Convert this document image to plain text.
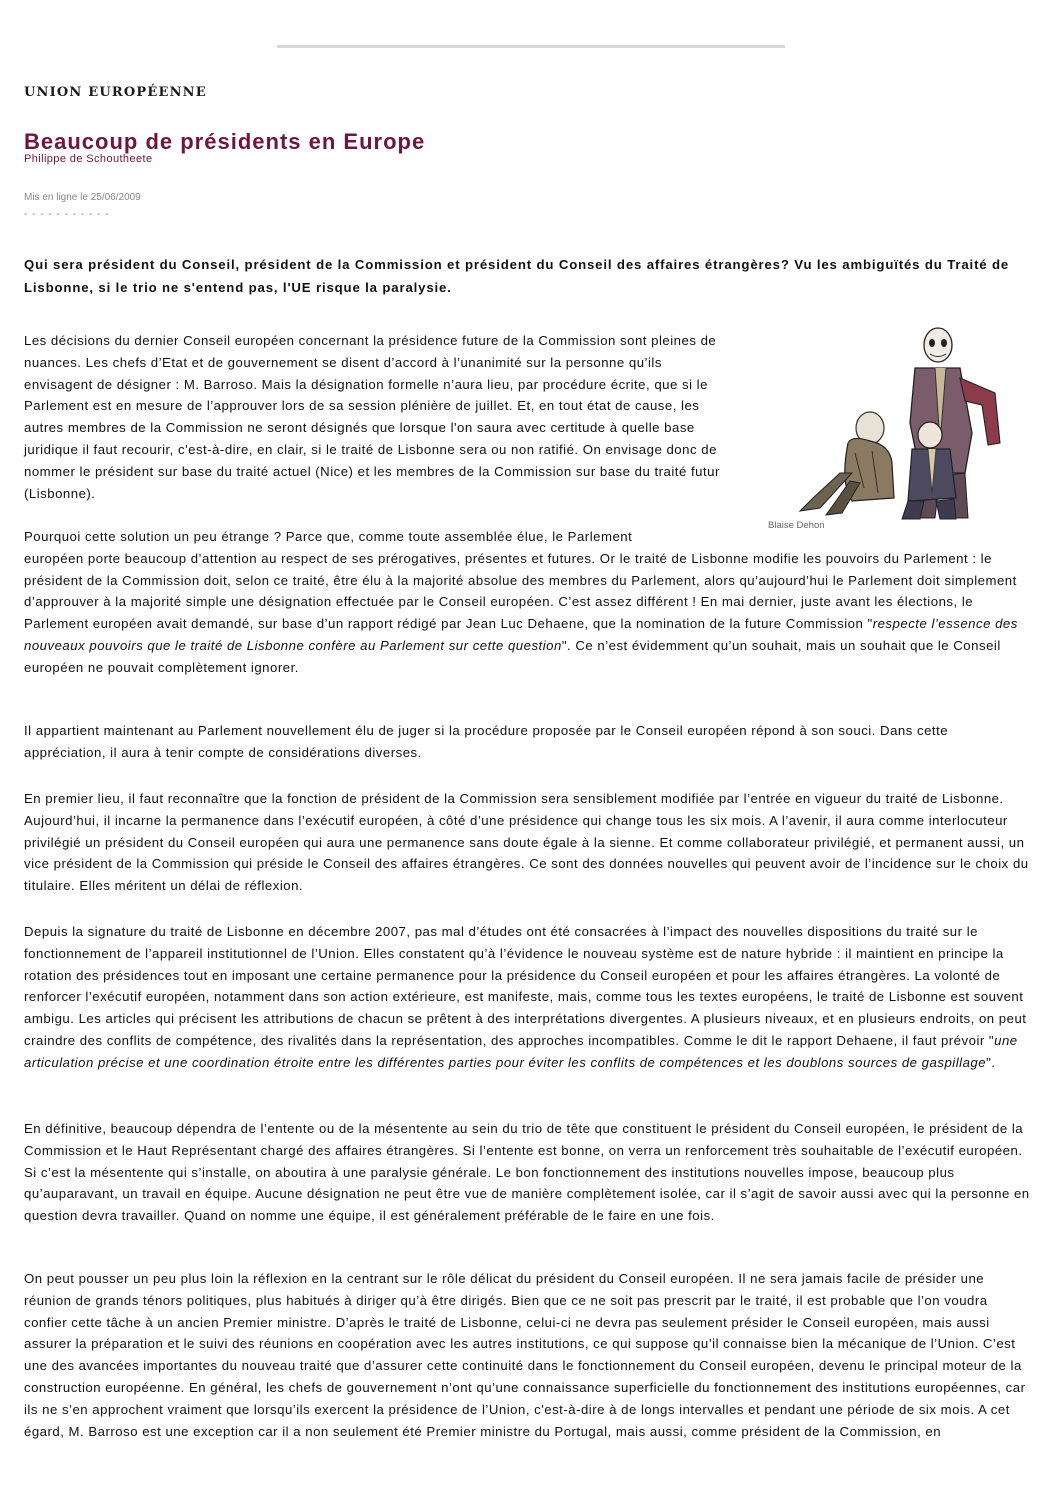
UNION EUROPÉENNE
Beaucoup de présidents en Europe
Philippe de Schoutheete
Mis en ligne le 25/06/2009
- - - - - - - - - - -

Qui sera président du Conseil, président de la Commission et président du Conseil des affaires étrangères? Vu les ambiguïtés du Traité de Lisbonne, si le trio ne s'entend pas, l'UE risque la paralysie.

Les décisions du dernier Conseil européen concernant la présidence future de la Commission sont pleines de nuances. Les chefs d’Etat et de gouvernement se disent d’accord à l’unanimité sur la personne qu’ils envisagent de désigner : M. Barroso. Mais la désignation formelle n’aura lieu, par procédure écrite, que si le Parlement est en mesure de l’approuver lors de sa session plénière de juillet. Et, en tout état de cause, les autres membres de la Commission ne seront désignés que lorsque l'on saura avec certitude à quelle base juridique il faut recourir, c'est-à-dire, en clair, si le traité de Lisbonne sera ou non ratifié. On envisage donc de nommer le président sur base du traité actuel (Nice) et les membres de la Commission sur base du traité futur (Lisbonne).

Blaise Dehon

Pourquoi cette solution un peu étrange ? Parce que, comme toute assemblée élue, le Parlement
européen porte beaucoup d’attention au respect de ses prérogatives, présentes et futures. Or le traité de Lisbonne modifie les pouvoirs du Parlement : le président de la Commission doit, selon ce traité, être élu à la majorité absolue des membres du Parlement, alors qu’aujourd’hui le Parlement doit simplement d’approuver à la majorité simple une désignation effectuée par le Conseil européen. C’est assez différent ! En mai dernier, juste avant les élections, le Parlement européen avait demandé, sur base d’un rapport rédigé par Jean Luc Dehaene, que la nomination de la future Commission "respecte l’essence des nouveaux pouvoirs que le traité de Lisbonne confère au Parlement sur cette question". Ce n’est évidemment qu’un souhait, mais un souhait que le Conseil européen ne pouvait complètement ignorer.

Il appartient maintenant au Parlement nouvellement élu de juger si la procédure proposée par le Conseil européen répond à son souci. Dans cette appréciation, il aura à tenir compte de considérations diverses.

En premier lieu, il faut reconnaître que la fonction de président de la Commission sera sensiblement modifiée par l’entrée en vigueur du traité de Lisbonne. Aujourd’hui, il incarne la permanence dans l’exécutif européen, à côté d’une présidence qui change tous les six mois. A l’avenir, il aura comme interlocuteur privilégié un président du Conseil européen qui aura une permanence sans doute égale à la sienne. Et comme collaborateur privilégié, et permanent aussi, un vice président de la Commission qui préside le Conseil des affaires étrangères. Ce sont des données nouvelles qui peuvent avoir de l’incidence sur le choix du titulaire. Elles méritent un délai de réflexion.

Depuis la signature du traité de Lisbonne en décembre 2007, pas mal d’études ont été consacrées à l’impact des nouvelles dispositions du traité sur le fonctionnement de l’appareil institutionnel de l’Union. Elles constatent qu’à l’évidence le nouveau système est de nature hybride : il maintient en principe la rotation des présidences tout en imposant une certaine permanence pour la présidence du Conseil européen et pour les affaires étrangères. La volonté de renforcer l’exécutif européen, notamment dans son action extérieure, est manifeste, mais, comme tous les textes européens, le traité de Lisbonne est souvent ambigu. Les articles qui précisent les attributions de chacun se prêtent à des interprétations divergentes. A plusieurs niveaux, et en plusieurs endroits, on peut craindre des conflits de compétence, des rivalités dans la représentation, des approches incompatibles. Comme le dit le rapport Dehaene, il faut prévoir "une articulation précise et une coordination étroite entre les différentes parties pour éviter les conflits de compétences et les doublons sources de gaspillage".

En définitive, beaucoup dépendra de l’entente ou de la mésentente au sein du trio de tête que constituent le président du Conseil européen, le président de la Commission et le Haut Représentant chargé des affaires étrangères. Si l’entente est bonne, on verra un renforcement très souhaitable de l’exécutif européen. Si c’est la mésentente qui s’installe, on aboutira à une paralysie générale. Le bon fonctionnement des institutions nouvelles impose, beaucoup plus qu’auparavant, un travail en équipe. Aucune désignation ne peut être vue de manière complètement isolée, car il s’agit de savoir aussi avec qui la personne en question devra travailler. Quand on nomme une équipe, il est généralement préférable de le faire en une fois.

On peut pousser un peu plus loin la réflexion en la centrant sur le rôle délicat du président du Conseil européen. Il ne sera jamais facile de présider une réunion de grands ténors politiques, plus habitués à diriger qu’à être dirigés. Bien que ce ne soit pas prescrit par le traité, il est probable que l’on voudra confier cette tâche à un ancien Premier ministre. D’après le traité de Lisbonne, celui-ci ne devra pas seulement présider le Conseil européen, mais aussi assurer la préparation et le suivi des réunions en coopération avec les autres institutions, ce qui suppose qu’il connaisse bien la mécanique de l’Union. C’est une des avancées importantes du nouveau traité que d’assurer cette continuité dans le fonctionnement du Conseil européen, devenu le principal moteur de la construction européenne. En général, les chefs de gouvernement n’ont qu’une connaissance superficielle du fonctionnement des institutions européennes, car ils ne s’en approchent vraiment que lorsqu’ils exercent la présidence de l’Union, c'est-à-dire à de longs intervalles et pendant une période de six mois. A cet égard, M. Barroso est une exception car il a non seulement été Premier ministre du Portugal, mais aussi, comme président de la Commission, en
